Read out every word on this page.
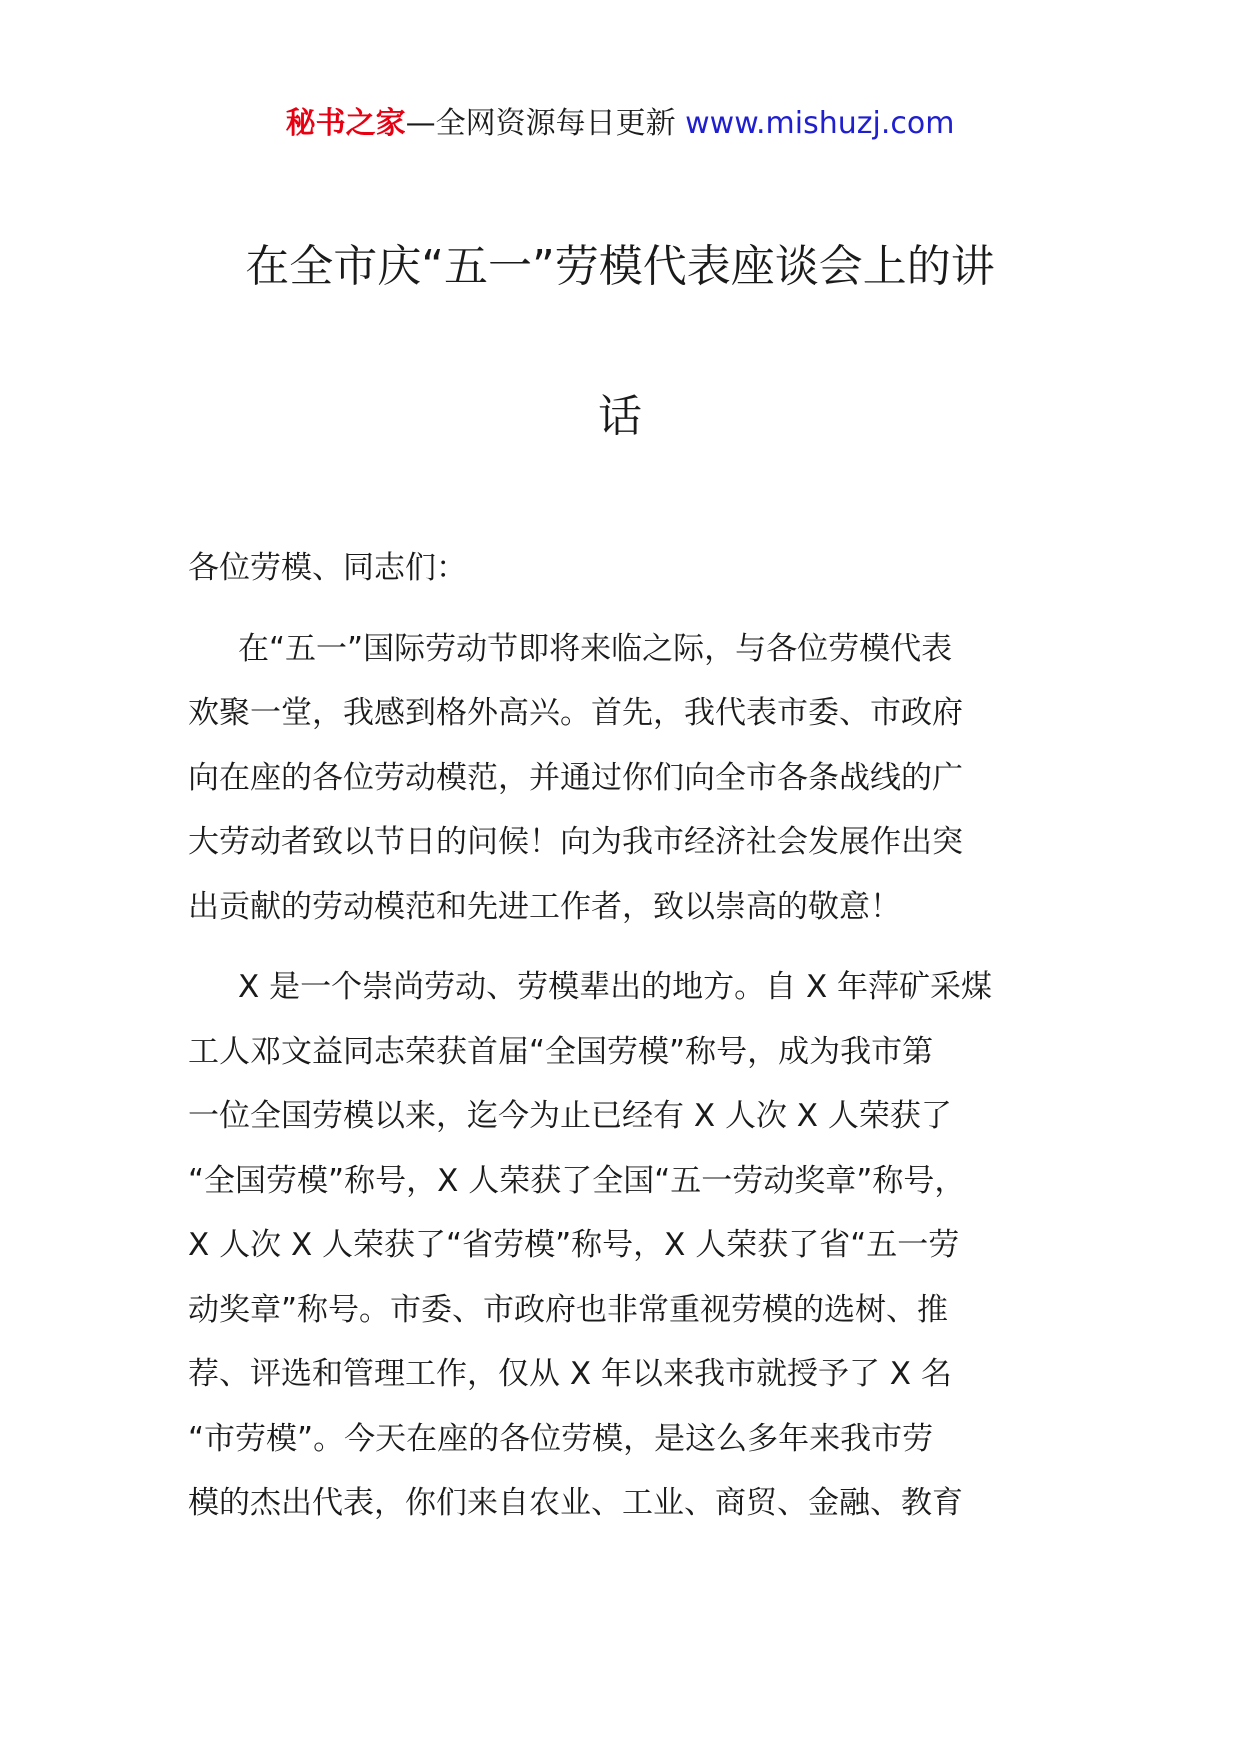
秘书之家—全网资源每日更新 www.mishuzj.com
在全市庆“五一”劳模代表座谈会上的讲
话

各位劳模、同志们：

在“五一”国际劳动节即将来临之际，与各位劳模代表
欢聚一堂，我感到格外高兴。首先，我代表市委、市政府
向在座的各位劳动模范，并通过你们向全市各条战线的广
大劳动者致以节日的问候！向为我市经济社会发展作出突
出贡献的劳动模范和先进工作者，致以崇高的敬意！

X 是一个崇尚劳动、劳模辈出的地方。自 X 年萍矿采煤
工人邓文益同志荣获首届“全国劳模”称号，成为我市第
一位全国劳模以来，迄今为止已经有 X 人次 X 人荣获了
“全国劳模”称号，X 人荣获了全国“五一劳动奖章”称号，
X 人次 X 人荣获了“省劳模”称号，X 人荣获了省“五一劳
动奖章”称号。市委、市政府也非常重视劳模的选树、推
荐、评选和管理工作，仅从 X 年以来我市就授予了 X 名
“市劳模”。今天在座的各位劳模，是这么多年来我市劳
模的杰出代表，你们来自农业、工业、商贸、金融、教育
